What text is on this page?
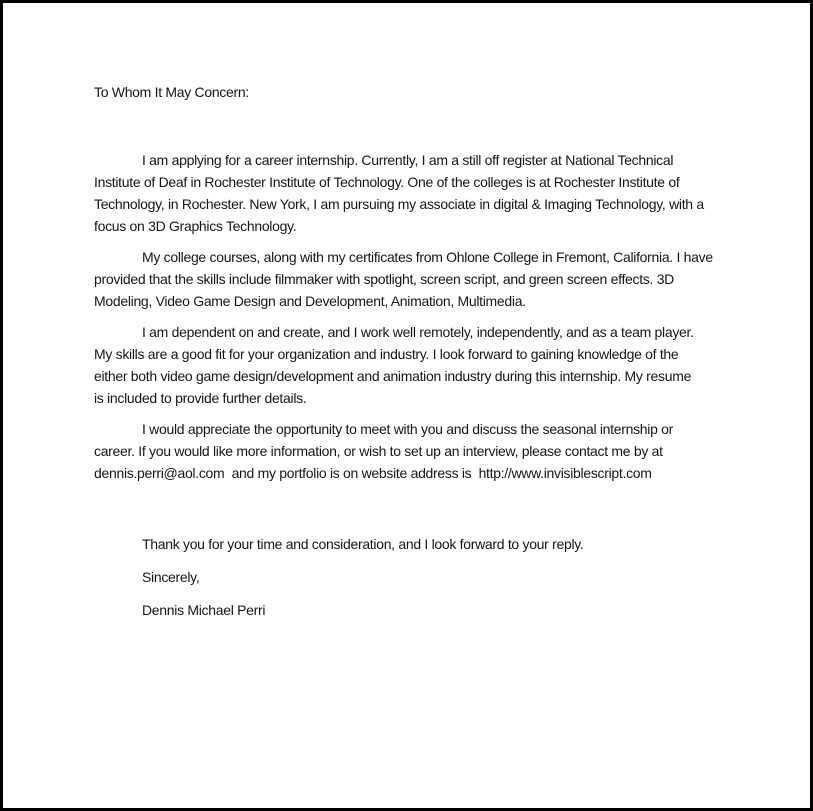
To Whom It May Concern:
I am applying for a career internship. Currently, I am a still off register at National Technical
Institute of Deaf in Rochester Institute of Technology. One of the colleges is at Rochester Institute of
Technology, in Rochester. New York, I am pursuing my associate in digital & Imaging Technology, with a
focus on 3D Graphics Technology.
My college courses, along with my certificates from Ohlone College in Fremont, California. I have
provided that the skills include filmmaker with spotlight, screen script, and green screen effects. 3D
Modeling, Video Game Design and Development, Animation, Multimedia.
I am dependent on and create, and I work well remotely, independently, and as a team player.
My skills are a good fit for your organization and industry. I look forward to gaining knowledge of the
either both video game design/development and animation industry during this internship. My resume
is included to provide further details.
I would appreciate the opportunity to meet with you and discuss the seasonal internship or
career. If you would like more information, or wish to set up an interview, please contact me by at
dennis.perri@aol.com  and my portfolio is on website address is  http://www.invisiblescript.com
Thank you for your time and consideration, and I look forward to your reply.
Sincerely,
Dennis Michael Perri
